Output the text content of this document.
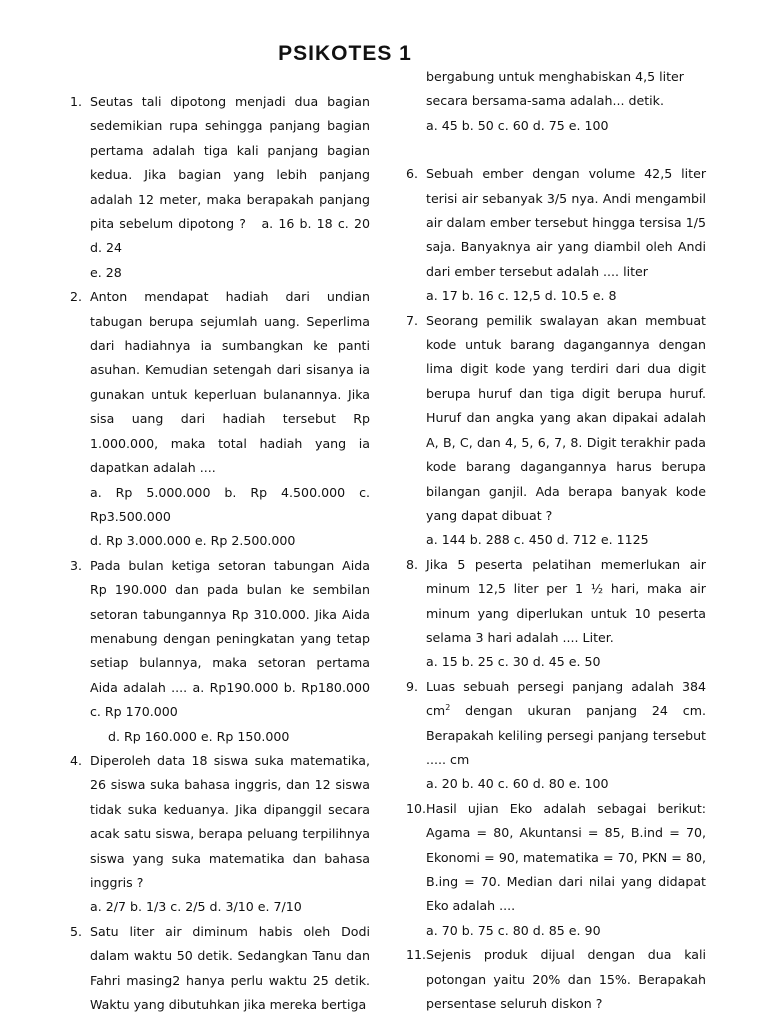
PSIKOTES 1
1. Seutas tali dipotong menjadi dua bagian sedemikian rupa sehingga panjang bagian pertama adalah tiga kali panjang bagian kedua. Jika bagian yang lebih panjang adalah 12 meter, maka berapakah panjang pita sebelum dipotong ? a. 16 b. 18 c. 20 d. 24

e. 28

2. Anton mendapat hadiah dari undian tabugan berupa sejumlah uang. Seperlima dari hadiahnya ia sumbangkan ke panti asuhan. Kemudian setengah dari sisanya ia gunakan untuk keperluan bulanannya. Jika sisa uang dari hadiah tersebut Rp 1.000.000, maka total hadiah yang ia dapatkan adalah ....

a. Rp 5.000.000 b. Rp 4.500.000 c.

Rp3.500.000

d. Rp 3.000.000 e. Rp 2.500.000

3. Pada bulan ketiga setoran tabungan Aida Rp 190.000 dan pada bulan ke sembilan setoran tabungannya Rp 310.000. Jika Aida menabung dengan peningkatan yang tetap setiap bulannya, maka setoran pertama Aida adalah .... a. Rp190.000 b. Rp180.000 c. Rp 170.000

d. Rp 160.000 e. Rp 150.000

4. Diperoleh data 18 siswa suka matematika, 26 siswa suka bahasa inggris, dan 12 siswa tidak suka keduanya. Jika dipanggil secara acak satu siswa, berapa peluang terpilihnya siswa yang suka matematika dan bahasa inggris ?

a. 2/7 b. 1/3 c. 2/5 d. 3/10 e. 7/10

5. Satu liter air diminum habis oleh Dodi dalam waktu 50 detik. Sedangkan Tanu dan Fahri masing2 hanya perlu waktu 25 detik. Waktu yang dibutuhkan jika mereka bertiga

bergabung untuk menghabiskan 4,5 liter

secara bersama-sama adalah... detik.

a. 45 b. 50 c. 60 d. 75 e. 100

6. Sebuah ember dengan volume 42,5 liter terisi air sebanyak 3/5 nya. Andi mengambil air dalam ember tersebut hingga tersisa 1/5 saja. Banyaknya air yang diambil oleh Andi dari ember tersebut adalah .... liter

a. 17 b. 16 c. 12,5 d. 10.5 e. 8

7. Seorang pemilik swalayan akan membuat kode untuk barang dagangannya dengan lima digit kode yang terdiri dari dua digit berupa huruf dan tiga digit berupa huruf. Huruf dan angka yang akan dipakai adalah A, B, C, dan 4, 5, 6, 7, 8. Digit terakhir pada kode barang dagangannya harus berupa bilangan ganjil. Ada berapa banyak kode yang dapat dibuat ?

a. 144 b. 288 c. 450 d. 712 e. 1125

8. Jika 5 peserta pelatihan memerlukan air minum 12,5 liter per 1 ½ hari, maka air minum yang diperlukan untuk 10 peserta selama 3 hari adalah .... Liter.

a. 15 b. 25 c. 30 d. 45 e. 50

9. Luas sebuah persegi panjang adalah 384 $cm^2$ dengan ukuran panjang 24 cm. Berapakah keliling persegi panjang tersebut ..... cm

a. 20 b. 40 c. 60 d. 80 e. 100

10. Hasil ujian Eko adalah sebagai berikut: Agama = 80, Akuntansi = 85, B.ind = 70, Ekonomi = 90, matematika = 70, PKN = 80, B.ing = 70. Median dari nilai yang didapat Eko adalah ....

a. 70 b. 75 c. 80 d. 85 e. 90

11. Sejenis produk dijual dengan dua kali potongan yaitu 20% dan 15%. Berapakah persentase seluruh diskon ?
